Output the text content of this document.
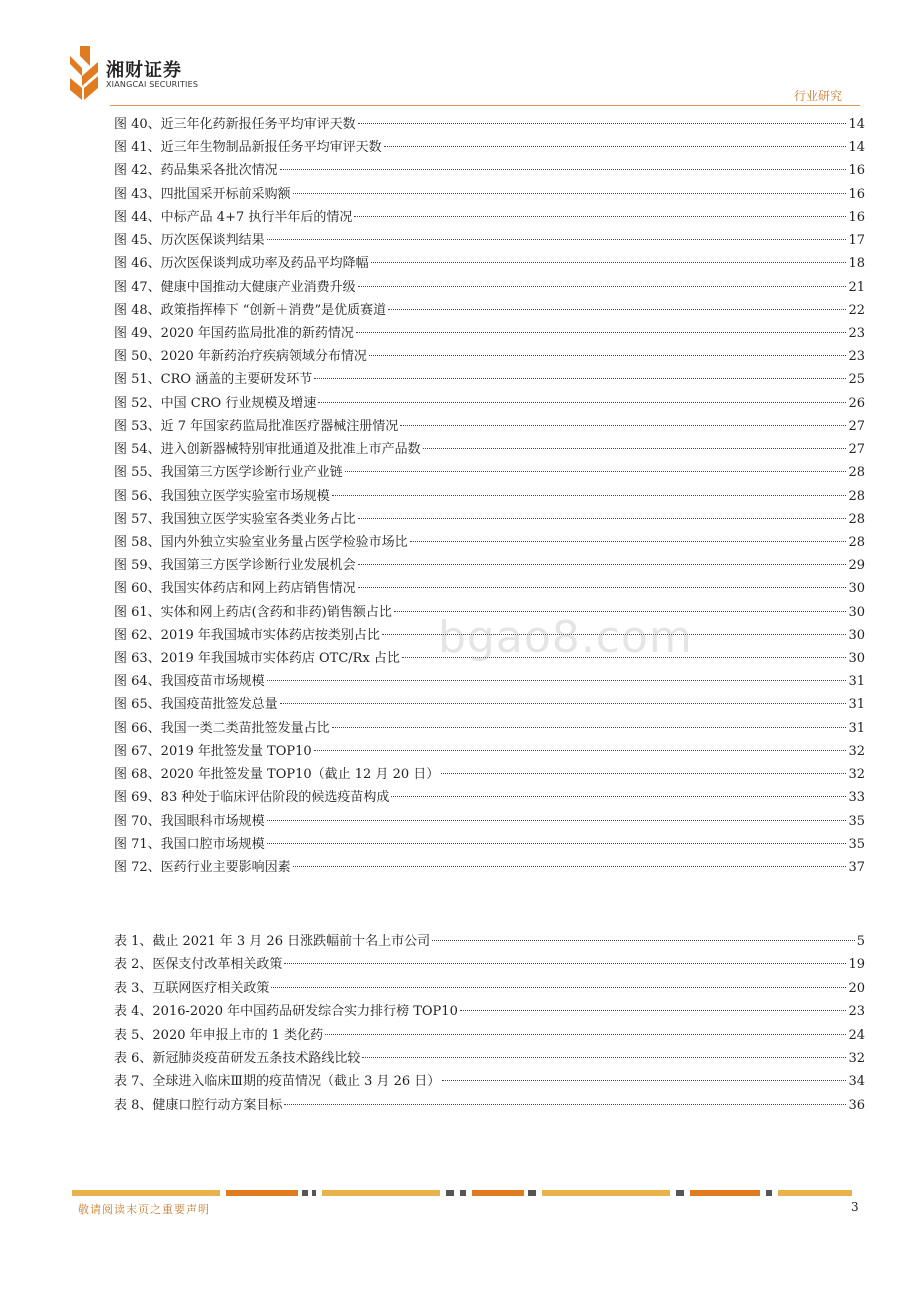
湘财证券
XIANGCAI SECURITIES
行业研究
图 40、近三年化药新报任务平均审评天数	14
图 41、近三年生物制品新报任务平均审评天数	14
图 42、药品集采各批次情况	16
图 43、四批国采开标前采购额	16
图 44、中标产品 4+7 执行半年后的情况	16
图 45、历次医保谈判结果	17
图 46、历次医保谈判成功率及药品平均降幅	18
图 47、健康中国推动大健康产业消费升级	21
图 48、政策指挥棒下 “创新＋消费”是优质赛道	22
图 49、2020 年国药监局批准的新药情况	23
图 50、2020 年新药治疗疾病领域分布情况	23
图 51、CRO 涵盖的主要研发环节	25
图 52、中国 CRO 行业规模及增速	26
图 53、近 7 年国家药监局批准医疗器械注册情况	27
图 54、进入创新器械特别审批通道及批准上市产品数	27
图 55、我国第三方医学诊断行业产业链	28
图 56、我国独立医学实验室市场规模	28
图 57、我国独立医学实验室各类业务占比	28
图 58、国内外独立实验室业务量占医学检验市场比	28
图 59、我国第三方医学诊断行业发展机会	29
图 60、我国实体药店和网上药店销售情况	30
图 61、实体和网上药店(含药和非药)销售额占比	30
图 62、2019 年我国城市实体药店按类别占比	30
图 63、2019 年我国城市实体药店 OTC/Rx 占比	30
图 64、我国疫苗市场规模	31
图 65、我国疫苗批签发总量	31
图 66、我国一类二类苗批签发量占比	31
图 67、2019 年批签发量 TOP10	32
图 68、2020 年批签发量 TOP10（截止 12 月 20 日）	32
图 69、83 种处于临床评估阶段的候选疫苗构成	33
图 70、我国眼科市场规模	35
图 71、我国口腔市场规模	35
图 72、医药行业主要影响因素	37
表 1、截止 2021 年 3 月 26 日涨跌幅前十名上市公司	5
表 2、医保支付改革相关政策	19
表 3、互联网医疗相关政策	20
表 4、2016-2020 年中国药品研发综合实力排行榜 TOP10	23
表 5、2020 年申报上市的 1 类化药	24
表 6、新冠肺炎疫苗研发五条技术路线比较	32
表 7、全球进入临床Ⅲ期的疫苗情况（截止 3 月 26 日）	34
表 8、健康口腔行动方案目标	36
bgao8.com
敬请阅读末页之重要声明	3
